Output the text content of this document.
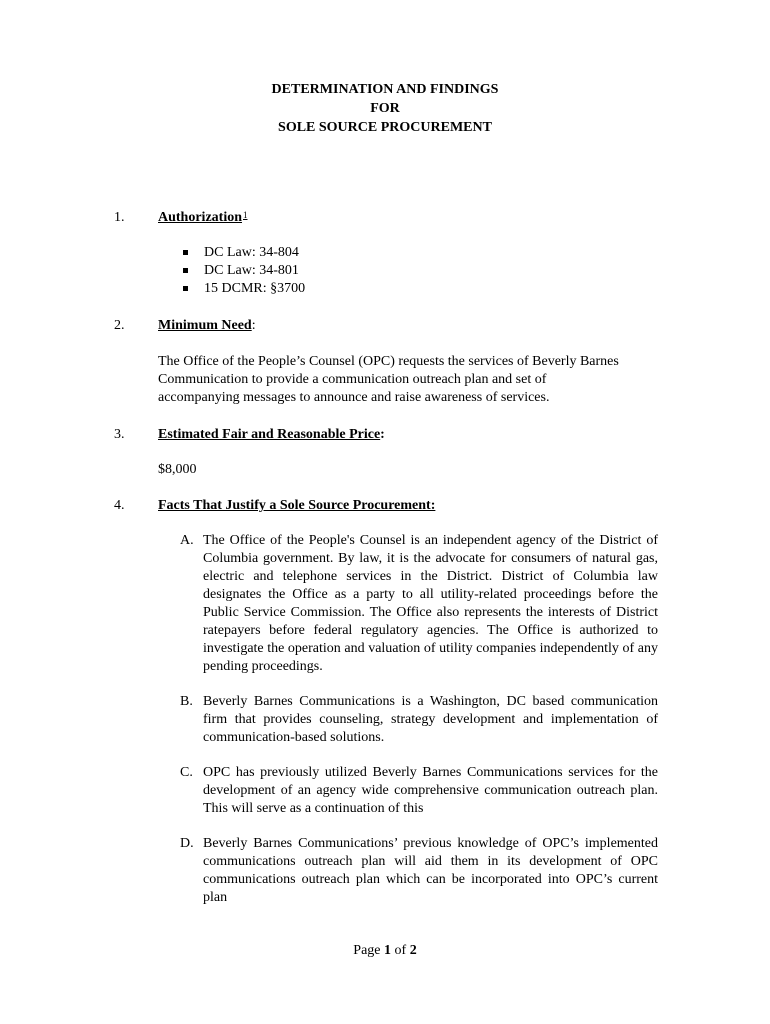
DETERMINATION AND FINDINGS
FOR
SOLE SOURCE PROCUREMENT
1. Authorization$^1$
DC Law: 34-804
DC Law: 34-801
15 DCMR: §3700
2. Minimum Need:
The Office of the People’s Counsel (OPC) requests the services of Beverly Barnes Communication to provide a communication outreach plan and set of accompanying messages to announce and raise awareness of services.
3. Estimated Fair and Reasonable Price:
$8,000
4. Facts That Justify a Sole Source Procurement:
A. The Office of the People's Counsel is an independent agency of the District of Columbia government. By law, it is the advocate for consumers of natural gas, electric and telephone services in the District. District of Columbia law designates the Office as a party to all utility-related proceedings before the Public Service Commission. The Office also represents the interests of District ratepayers before federal regulatory agencies. The Office is authorized to investigate the operation and valuation of utility companies independently of any pending proceedings.
B. Beverly Barnes Communications is a Washington, DC based communication firm that provides counseling, strategy development and implementation of communication-based solutions.
C. OPC has previously utilized Beverly Barnes Communications services for the development of an agency wide comprehensive communication outreach plan. This will serve as a continuation of this
D. Beverly Barnes Communications’ previous knowledge of OPC’s implemented communications outreach plan will aid them in its development of OPC communications outreach plan which can be incorporated into OPC’s current plan
Page 1 of 2
